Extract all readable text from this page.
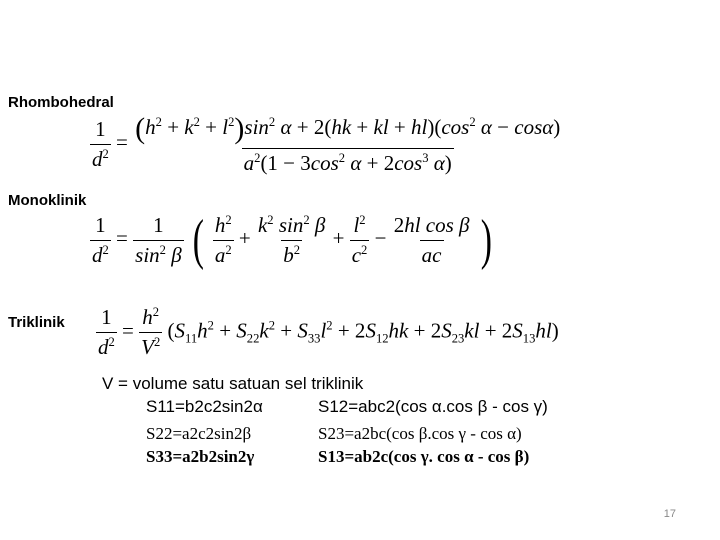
Rhombohedral
Monoklinik
Triklinik
$\frac{1}{d^2} = \frac{(h^2 + k^2 + l^2)\sin^2 \alpha + 2(hk + kl + hl)(\cos^2 \alpha - \cos\alpha)}{a^2(1 - 3\cos^2 \alpha + 2\cos^3 \alpha)}$
$\frac{1}{d^2} = \frac{1}{\sin^2 \beta}$ ( $\frac{h^2}{a^2} + \frac{k^2 \sin^2 \beta}{b^2} + \frac{l^2}{c^2} - \frac{\text{2hl cos β}}{ac}$ )
$\frac{1}{d^2} = \frac{h^2}{V^2} (S_{11}h^2 + S_{22}k^2 + S_{33}l^2 + 2S_{12}hk + 2S_{23}kl + 2S_{13}hl)$
V = volume satu satuan sel triklinik
S11=b2c2sin2α	S12=abc2(cos α.cos β - cos γ)
S22=a2c2sin2β	S23=a2bc(cos β.cos γ - cos α)
S33=a2b2sin2γ	S13=ab2c(cos γ. cos α - cos β)
17
